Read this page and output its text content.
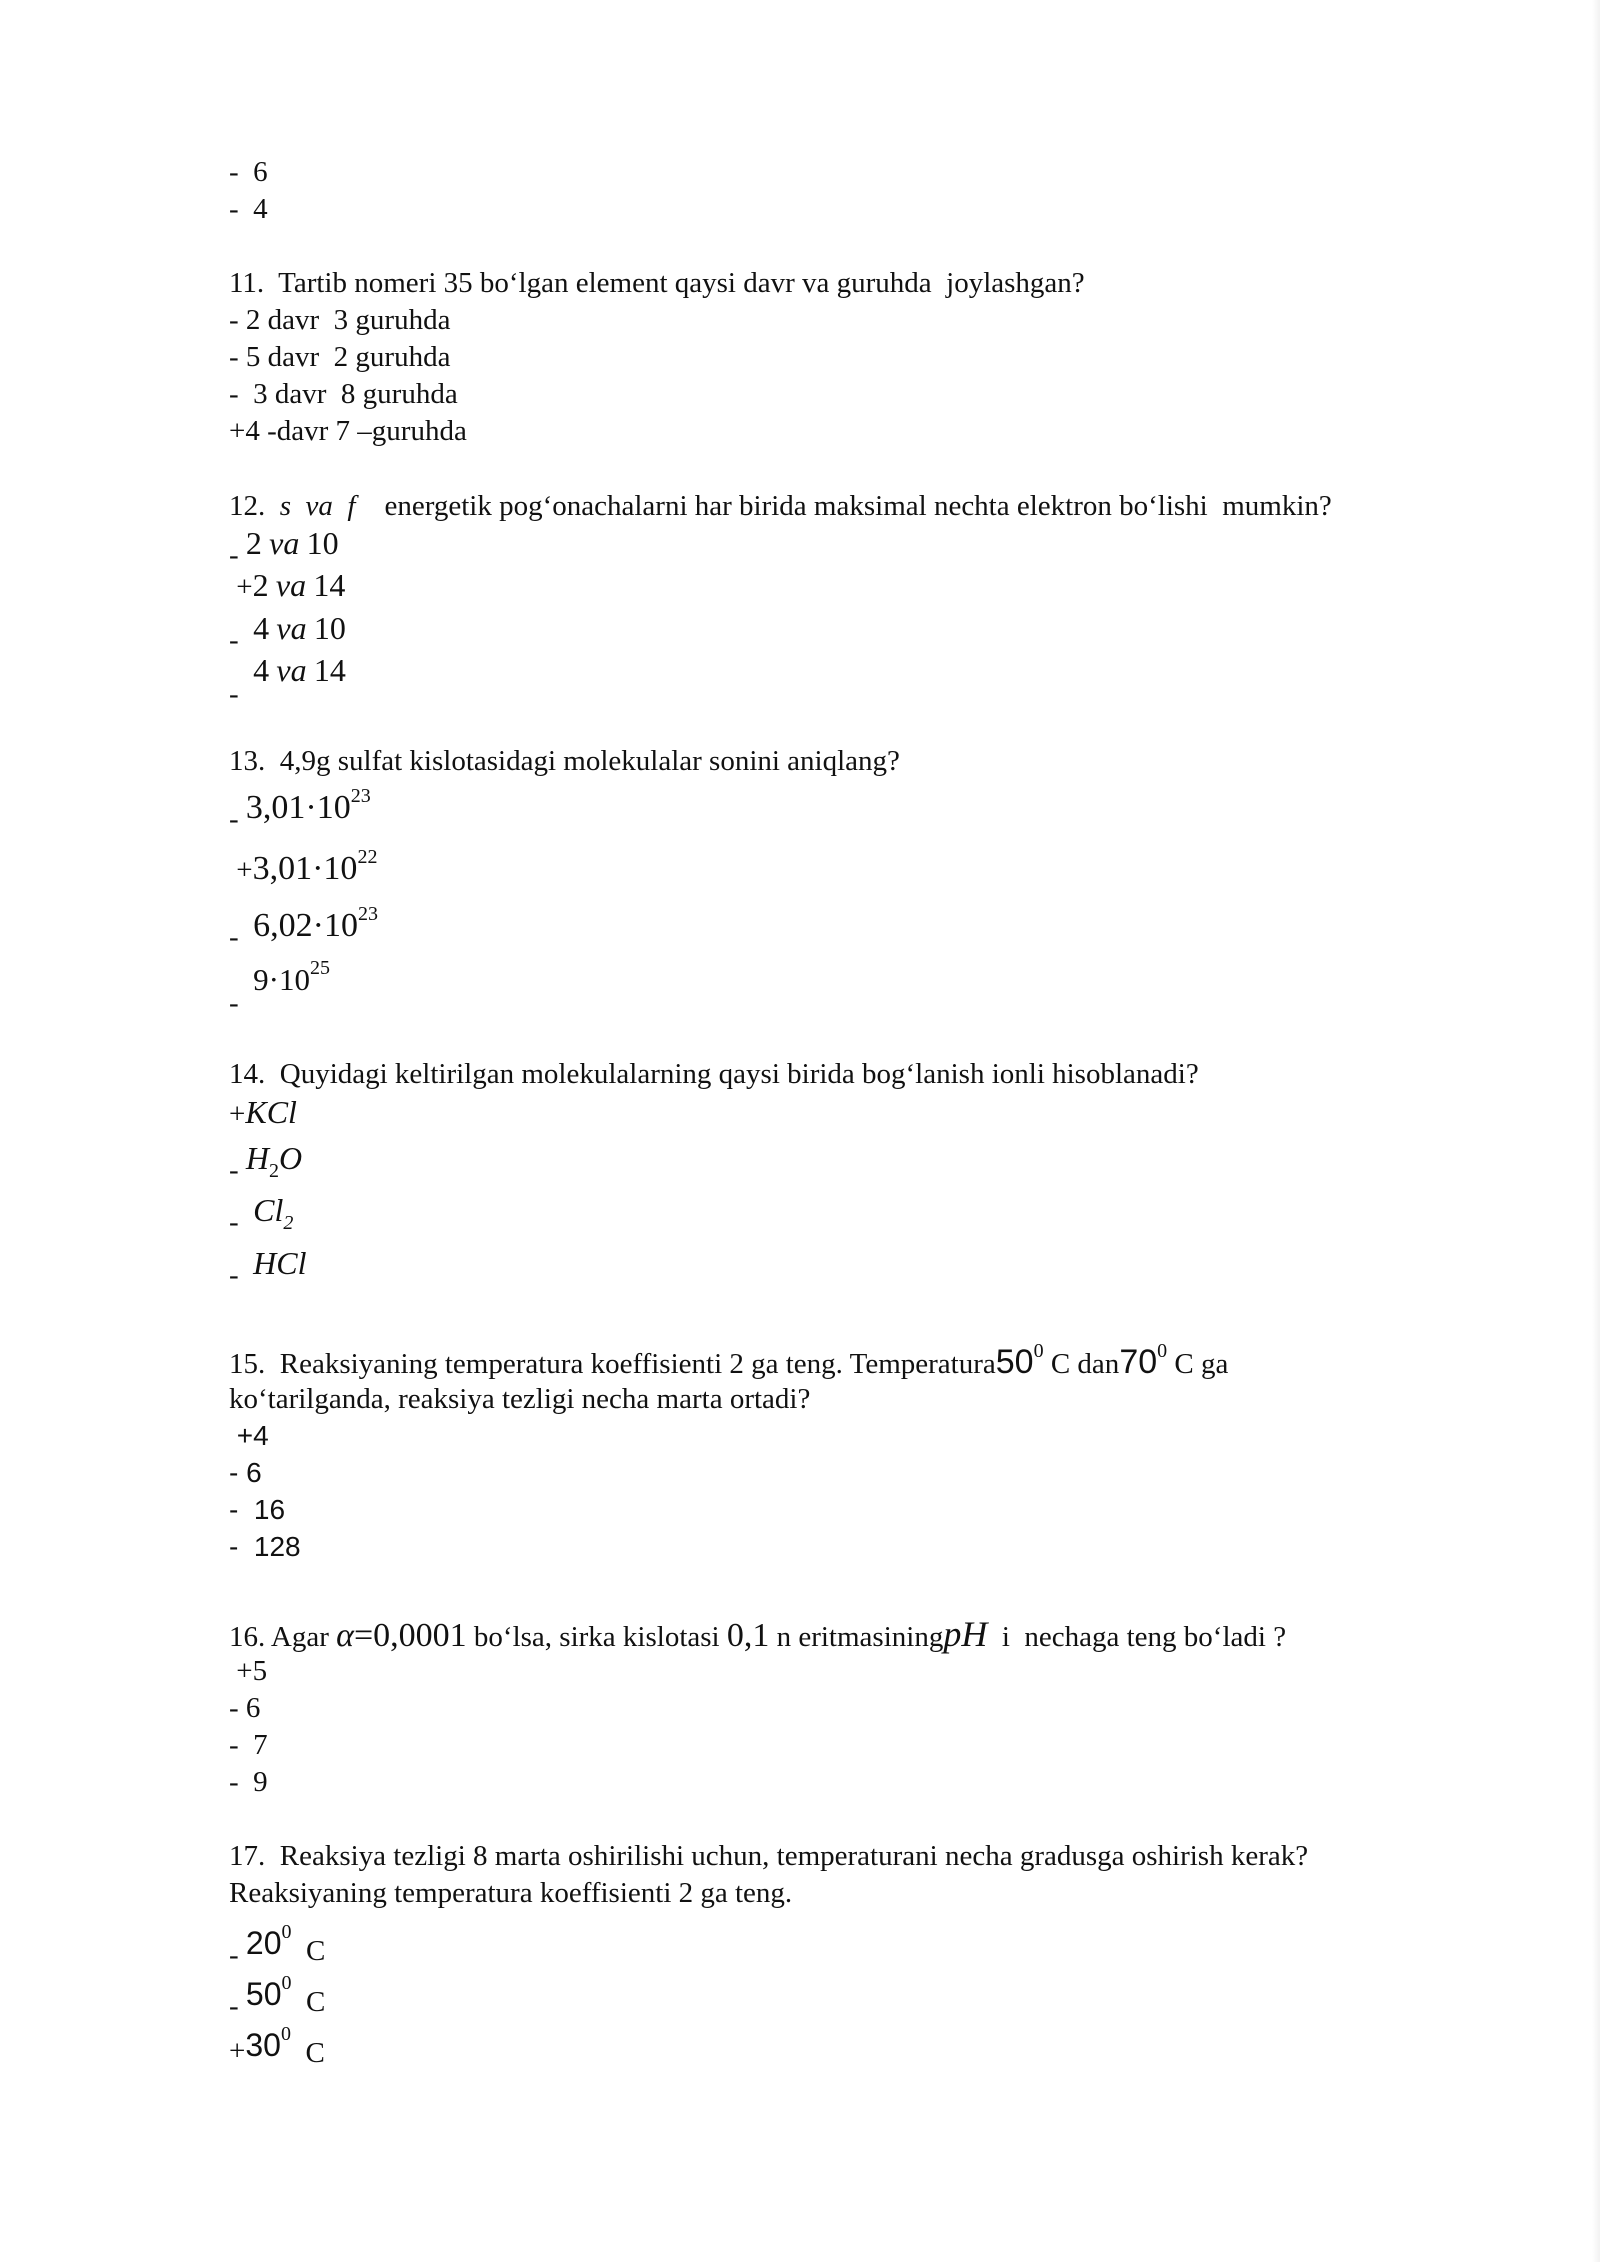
-  6
-  4
11.  Tartib nomeri 35 bo‘lgan element qaysi davr va guruhda  joylashgan?
- 2 davr  3 guruhda
- 5 davr  2 guruhda
-  3 davr  8 guruhda
+4 -davr 7 –guruhda
12. s va f energetik pog‘onachalarni har birida maksimal nechta elektron bo‘lishi  mumkin?
- 2 va 10
+2 va 14
- 4 va 10
-  4 va 14
13.  4,9g sulfat kislotasidagi molekulalar sonini aniqlang?
- $3,01\cdot 10^{23}$
$+3,01\cdot 10^{22}$
- $6,02\cdot 10^{23}$
-  $9\cdot 10^{25}$
14.  Quyidagi keltirilgan molekulalarning qaysi birida bog‘lanish ionli hisoblanadi?
+KCl
- $H_2O$
- $Cl_2$
- HCl
15.  Reaksiyaning temperatura koeffisienti 2 ga teng. $Temperatura50^0$ C $dan70^0$ C ga
ko‘tarilganda, reaksiya tezligi necha marta ortadi?
+4
- 6
-  16
-  128
16. Agar α=0,0001 bo‘lsa, sirka kislotasi 0,1 n eritmasiningpH  i  nechaga teng bo‘ladi ?
+5
- 6
-  7
-  9
17.  Reaksiya tezligi 8 marta oshirilishi uchun, temperaturani necha gradusga oshirish kerak?
Reaksiyaning temperatura koeffisienti 2 ga teng.
- $20^0$  C
- $50^0$  C
$+30^0$  C
